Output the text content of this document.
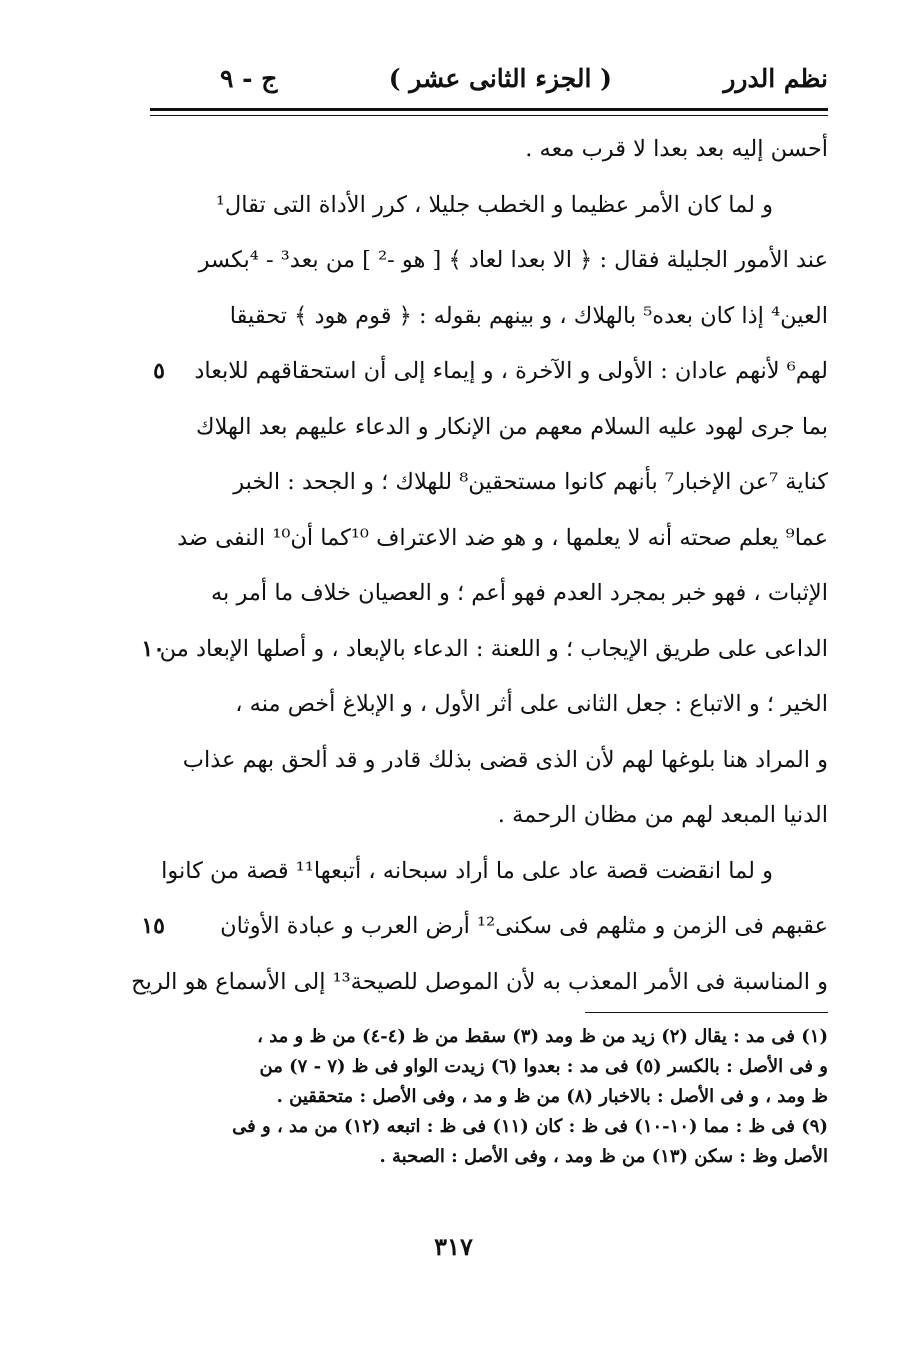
نظم الدرر
( الجزء الثانى عشر )
ج - ٩
أحسن إليه بعد بعدا لا قرب معه .
و لما كان الأمر عظيما و الخطب جليلا ، كرر الأداة التى تقال¹
عند الأمور الجليلة فقال : ﴿ الا بعدا لعاد ﴾ [ هو -² ] من بعد³ - ⁴بكسر
العين⁴ إذا كان بعده⁵ بالهلاك ، و بينهم بقوله : ﴿ قوم هود ﴾ تحقيقا
لهم⁶ لأنهم عادان : الأولى و الآخرة ، و إيماء إلى أن استحقاقهم للابعاد
٥
بما جرى لهود عليه السلام معهم من الإنكار و الدعاء عليهم بعد الهلاك
كناية ⁷عن الإخبار⁷ بأنهم كانوا مستحقين⁸ للهلاك ؛ و الجحد : الخبر
عما⁹ يعلم صحته أنه لا يعلمها ، و هو ضد الاعتراف ¹⁰كما أن¹⁰ النفى ضد
الإثبات ، فهو خبر بمجرد العدم فهو أعم ؛ و العصيان خلاف ما أمر به
الداعى على طريق الإيجاب ؛ و اللعنة : الدعاء بالإبعاد ، و أصلها الإبعاد من
١٠
الخير ؛ و الاتباع : جعل الثانى على أثر الأول ، و الإبلاغ أخص منه ،
و المراد هنا بلوغها لهم لأن الذى قضى بذلك قادر و قد ألحق بهم عذاب
الدنيا المبعد لهم من مظان الرحمة .
و لما انقضت قصة عاد على ما أراد سبحانه ، أتبعها¹¹ قصة من كانوا
عقبهم فى الزمن و مثلهم فى سكنى¹² أرض العرب و عبادة الأوثان
١٥
و المناسبة فى الأمر المعذب به لأن الموصل للصيحة¹³ إلى الأسماع هو الريح
(١) فى مد : يقال (٢) زيد من ظ ومد (٣) سقط من ظ (٤-٤) من ظ و مد ،
و فى الأصل : بالكسر (٥) فى مد : بعدوا (٦) زيدت الواو فى ظ (٧ - ٧) من
ظ ومد ، و فى الأصل : بالاخبار (٨) من ظ و مد ، وفى الأصل : متحققين .
(٩) فى ظ : مما (١٠-١٠) فى ظ : كان (١١) فى ظ : اتبعه (١٢) من مد ، و فى
الأصل وظ : سكن (١٣) من ظ ومد ، وفى الأصل : الصحبة .
٣١٧
